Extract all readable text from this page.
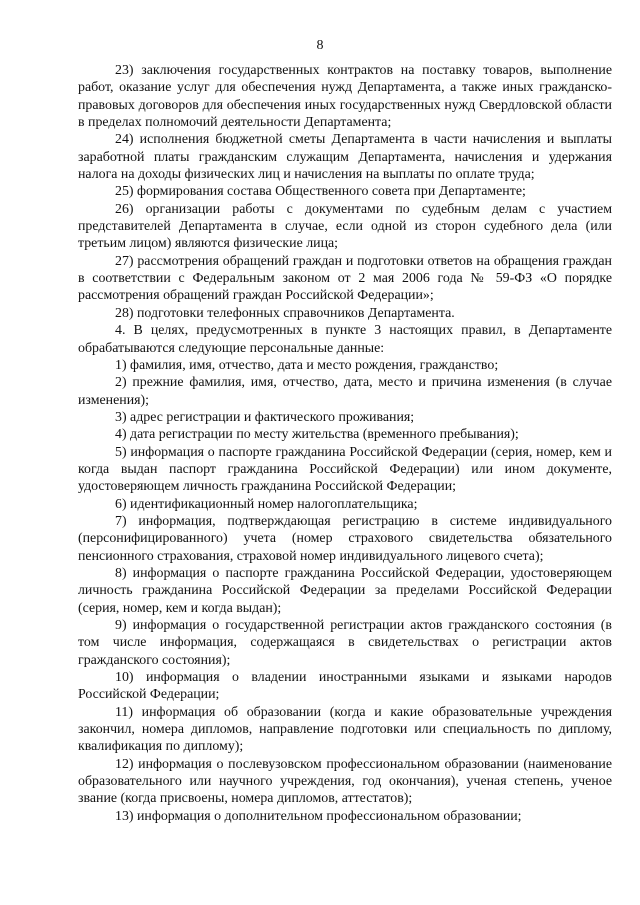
8

23) заключения государственных контрактов на поставку товаров, выполнение работ, оказание услуг для обеспечения нужд Департамента, а также иных гражданско-правовых договоров для обеспечения иных государственных нужд Свердловской области в пределах полномочий деятельности Департамента;

24) исполнения бюджетной сметы Департамента в части начисления и выплаты заработной платы гражданским служащим Департамента, начисления и удержания налога на доходы физических лиц и начисления на выплаты по оплате труда;

25) формирования состава Общественного совета при Департаменте;

26) организации работы с документами по судебным делам с участием представителей Департамента в случае, если одной из сторон судебного дела (или третьим лицом) являются физические лица;

27) рассмотрения обращений граждан и подготовки ответов на обращения граждан в соответствии с Федеральным законом от 2 мая 2006 года № 59-ФЗ «О порядке рассмотрения обращений граждан Российской Федерации»;

28) подготовки телефонных справочников Департамента.

4. В целях, предусмотренных в пункте 3 настоящих правил, в Департаменте обрабатываются следующие персональные данные:

1) фамилия, имя, отчество, дата и место рождения, гражданство;

2) прежние фамилия, имя, отчество, дата, место и причина изменения (в случае изменения);

3) адрес регистрации и фактического проживания;

4) дата регистрации по месту жительства (временного пребывания);

5) информация о паспорте гражданина Российской Федерации (серия, номер, кем и когда выдан паспорт гражданина Российской Федерации) или ином документе, удостоверяющем личность гражданина Российской Федерации;

6) идентификационный номер налогоплательщика;

7) информация, подтверждающая регистрацию в системе индивидуального (персонифицированного) учета (номер страхового свидетельства обязательного пенсионного страхования, страховой номер индивидуального лицевого счета);

8) информация о паспорте гражданина Российской Федерации, удостоверяющем личность гражданина Российской Федерации за пределами Российской Федерации (серия, номер, кем и когда выдан);

9) информация о государственной регистрации актов гражданского состояния (в том числе информация, содержащаяся в свидетельствах о регистрации актов гражданского состояния);

10) информация о владении иностранными языками и языками народов Российской Федерации;

11) информация об образовании (когда и какие образовательные учреждения закончил, номера дипломов, направление подготовки или специальность по диплому, квалификация по диплому);

12) информация о послевузовском профессиональном образовании (наименование образовательного или научного учреждения, год окончания), ученая степень, ученое звание (когда присвоены, номера дипломов, аттестатов);

13) информация о дополнительном профессиональном образовании;
